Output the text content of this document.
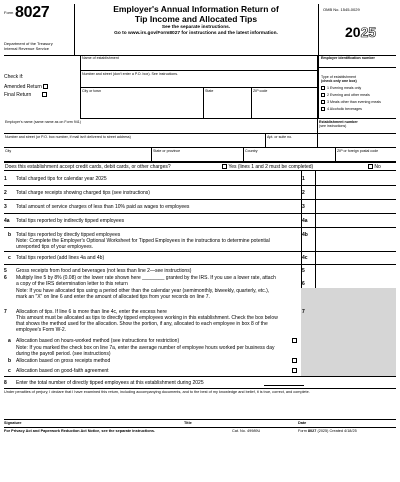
Form 8027
Department of the Treasury
Internal Revenue Service
Employer's Annual Information Return of
Tip Income and Allocated Tips
See the separate instructions.
Go to www.irs.gov/Form8027 for instructions and the latest information.
OMB No. 1545-0029
2025
Check if:
Amended Return
Final Return
Name of establishment
Number and street (don't enter a P.O. box). See instructions.
City or town	State	ZIP code
Employer identification number
Type of establishment
(check only one box)
1 Evening meals only
2 Evening and other meals
3 Meals other than evening meals
4 Alcoholic beverages
Employer's name (same name as on Form 941)	Establishment number
(see instructions)
Number and street (or P.O. box number, if mail isn't delivered to street address)	Apt. or suite no.
City	State or province	Country	ZIP or foreign postal code
Does this establishment accept credit cards, debit cards, or other charges?	Yes (lines 1 and 2 must be completed)	No
1 Total charged tips for calendar year 2025	1
2 Total charge receipts showing charged tips (see instructions)	2
3 Total amount of service charges of less than 10% paid as wages to employees	3
4a Total tips reported by indirectly tipped employees	4a
b Total tips reported by directly tipped employees	4b
Note: Complete the Employer's Optional Worksheet for Tipped Employees in the instructions to determine potential unreported tips of your employees.
c Total tips reported (add lines 4a and 4b)	4c
5 Gross receipts from food and beverages (not less than line 2—see instructions)	5
6 Multiply line 5 by 8% (0.08) or the lower rate shown here ________ granted by the IRS. If you use a lower rate, attach a copy of the IRS determination letter to this return	6
Note: If you have allocated tips using a period other than the calendar year (semimonthly, biweekly, quarterly, etc.), mark an "X" on line 6 and enter the amount of allocated tips from your records on line 7.
7 Allocation of tips. If line 6 is more than line 4c, enter the excess here	7
This amount must be allocated as tips to directly tipped employees working in this establishment. Check the box below that shows the method used for the allocation. Show the portion, if any, allocated to each employee in box 8 of the employee's Form W-2.
a Allocation based on hours-worked method (see instructions for restriction)
Note: If you marked the check box on line 7a, enter the average number of employee hours worked per business day during the payroll period. (see instructions)
b Allocation based on gross receipts method
c Allocation based on good-faith agreement
8 Enter the total number of directly tipped employees at this establishment during 2025
Under penalties of perjury, I declare that I have examined this return, including accompanying documents, and to the best of my knowledge and belief, it is true, correct, and complete.
Signature	Title	Date
For Privacy Act and Paperwork Reduction Act Notice, see the separate instructions.	Cat. No. 49989U	Form 8027 (2025) Created 4/18/25
